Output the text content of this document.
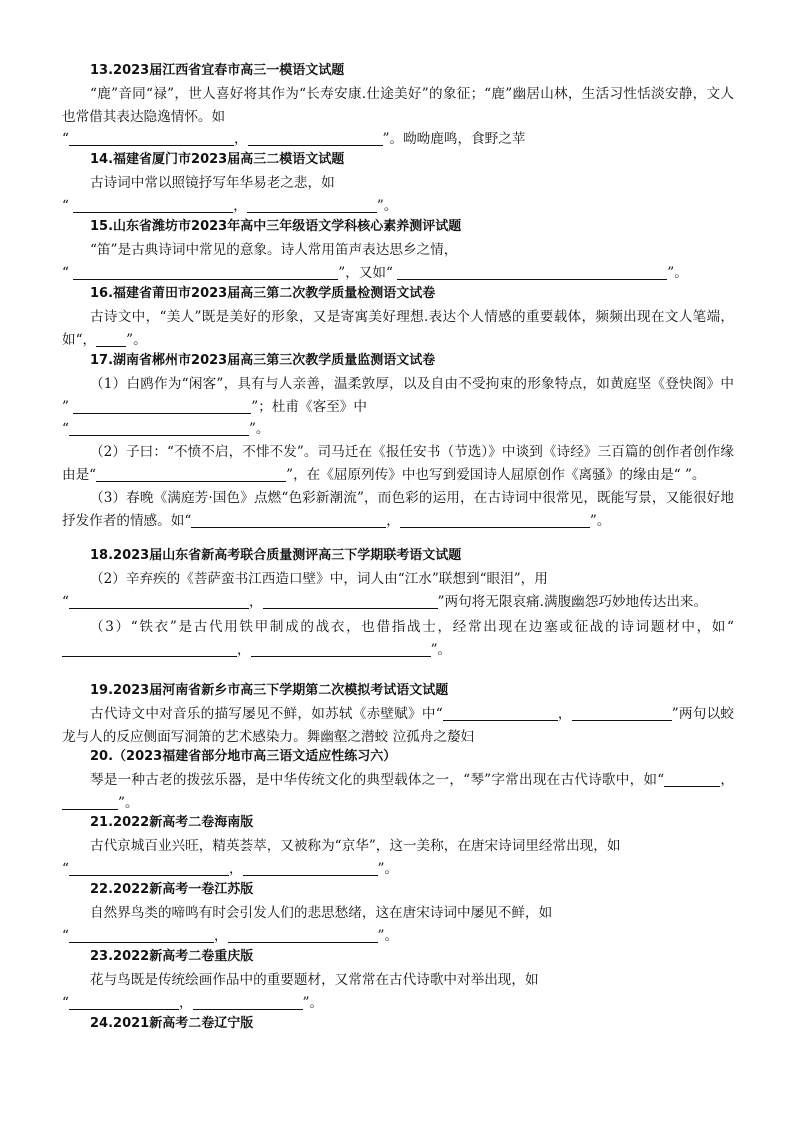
13.2023届江西省宜春市高三一模语文试题
“鹿”音同“禄”，世人喜好将其作为“长寿安康.仕途美好”的象征；“鹿”幽居山林，生活习性恬淡安静，文人也常借其表达隐逸情怀。如
“	，	”。呦呦鹿鸣，食野之苹
14.福建省厦门市2023届高三二模语文试题
古诗词中常以照镜抒写年华易老之悲，如
“	，	”。
15.山东省潍坊市2023年高中三年级语文学科核心素养测评试题
“笛”是古典诗词中常见的意象。诗人常用笛声表达思乡之情，
“	”，又如“	”。
16.福建省莆田市2023届高三第二次教学质量检测语文试卷
古诗文中，“美人”既是美好的形象，又是寄寓美好理想.表达个人情感的重要载体，频频出现在文人笔端，如“， ”。
17.湖南省郴州市2023届高三第三次教学质量监测语文试卷
（1）白鸥作为“闲客”，具有与人亲善，温柔敦厚，以及自由不受拘束的形象特点，如黄庭坚《登快阁》中 ”	”；杜甫《客至》中
“	”。
（2）子曰：“不愤不启，不悱不发”。司马迁在《报任安书（节选）》中谈到《诗经》三百篇的创作者创作缘由是“	”，在《屈原列传》中也写到爱国诗人屈原创作《离骚》的缘由是“ ”。
（3）春晚《满庭芳·国色》点燃“色彩新潮流”，而色彩的运用，在古诗词中很常见，既能写景，又能很好地抒发作者的情感。如“	，	”。
18.2023届山东省新高考联合质量测评高三下学期联考语文试题
（2）辛弃疾的《菩萨蛮书江西造口壁》中，词人由“江水”联想到“眼泪”，用
“	，	”两句将无限哀痛.满腹幽怨巧妙地传达出来。
（3）“铁衣”是古代用铁甲制成的战衣，也借指战士，经常出现在边塞或征战的诗词题材中，如“，	”。
19.2023届河南省新乡市高三下学期第二次模拟考试语文试题
古代诗文中对音乐的描写屡见不鲜，如苏轼《赤壁赋》中“	，	”两句以蛟龙与人的反应侧面写洞箫的艺术感染力。舞幽壑之潜蛟 泣孤舟之嫠妇
20.（2023福建省部分地市高三语文适应性练习六）
琴是一种古老的拨弦乐器，是中华传统文化的典型载体之一，“琴”字常出现在古代诗歌中，如“	，”。
21.2022新高考二卷海南版
古代京城百业兴旺，精英荟萃，又被称为“京华”，这一美称，在唐宋诗词里经常出现，如
“	，	”。
22.2022新高考一卷江苏版
自然界鸟类的啼鸣有时会引发人们的悲思愁绪，这在唐宋诗词中屡见不鲜，如
“	，	”。
23.2022新高考二卷重庆版
花与鸟既是传统绘画作品中的重要题材，又常常在古代诗歌中对举出现，如
“	，	”。
24.2021新高考二卷辽宁版
